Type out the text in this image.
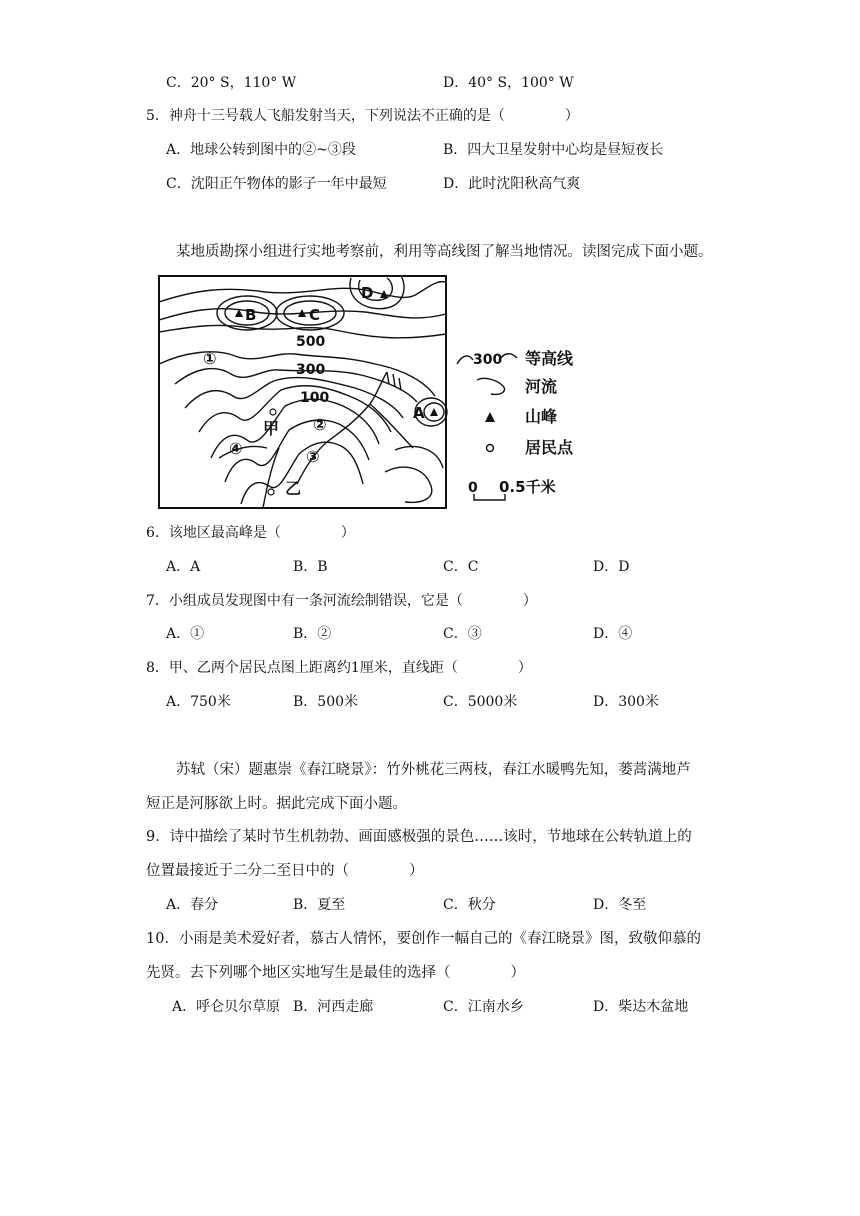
C．20° S，110° W	D．40° S，100° W
5．神舟十三号载人飞船发射当天，下列说法不正确的是（	）
A．地球公转到图中的②~③段	B．四大卫星发射中心均是昼短夜长
C．沈阳正午物体的影子一年中最短	D．此时沈阳秋高气爽
某地质勘探小组进行实地考察前，利用等高线图了解当地情况。读图完成下面小题。
B	C
D
A
500
300
100
①
②
③
④
甲
乙
300 等高线
河流
山峰
居民点
0 0.5千米
6．该地区最高峰是（	）
A．A	B．B	C．C	D．D
7．小组成员发现图中有一条河流绘制错误，它是（	）
A．①	B．②	C．③	D．④
8．甲、乙两个居民点图上距离约1厘米，直线距（	）
A．750米	B．500米	C．5000米	D．300米
苏轼（宋）题惠崇《春江晓景》：竹外桃花三两枝，春江水暖鸭先知，蒌蒿满地芦
短正是河豚欲上时。据此完成下面小题。
9．诗中描绘了某时节生机勃勃、画面感极强的景色……该时，节地球在公转轨道上的
位置最接近于二分二至日中的（	）
A．春分	B．夏至	C．秋分	D．冬至
10．小雨是美术爱好者，慕古人情怀，要创作一幅自己的《春江晓景》图，致敬仰慕的
先贤。去下列哪个地区实地写生是最佳的选择（	）
A．呼仑贝尔草原 B．河西走廊	C．江南水乡	D．柴达木盆地
